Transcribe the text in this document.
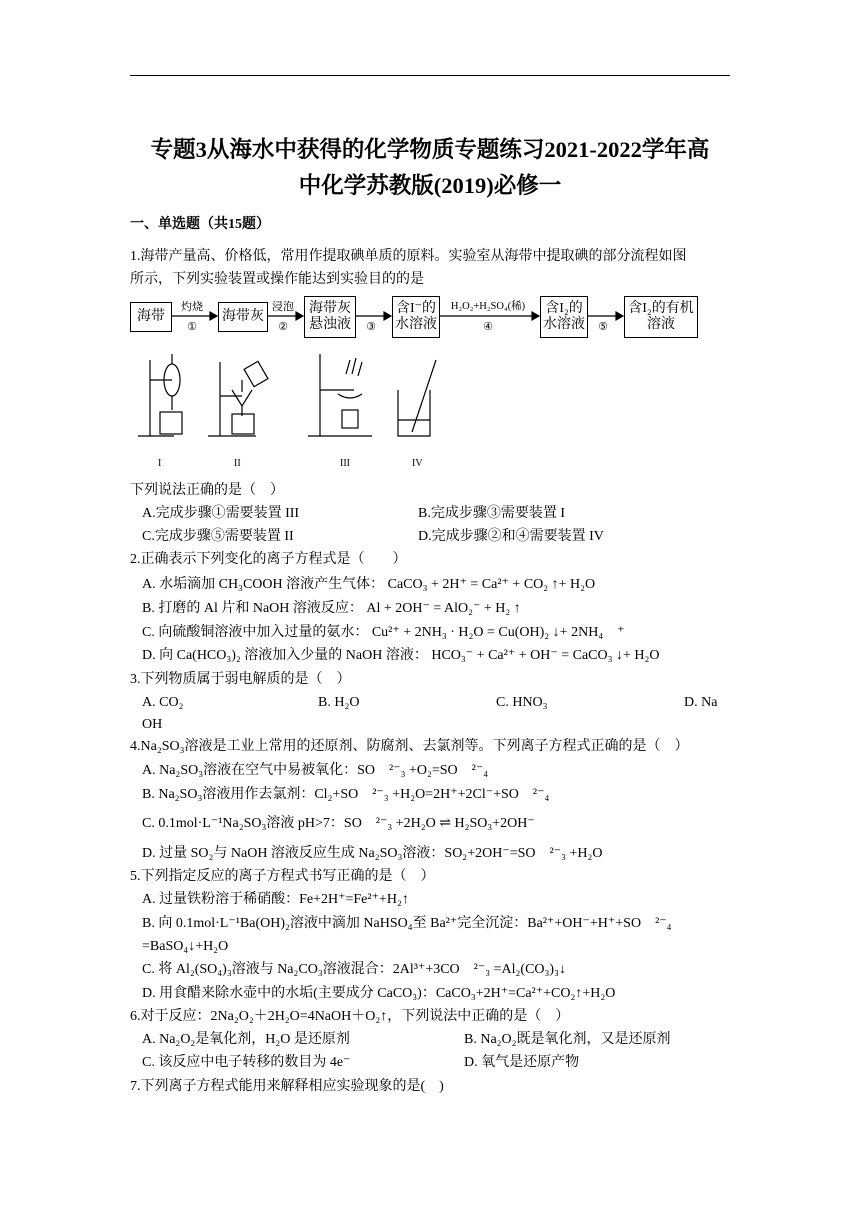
专题3从海水中获得的化学物质专题练习2021-2022学年高
中化学苏教版(2019)必修一
一、单选题（共15题）
1.海带产量高、价格低，常用作提取碘单质的原料。实验室从海带中提取碘的部分流程如图
所示，下列实验装置或操作能达到实验目的的是
海带	海带灰
海带灰悬浊液
含I⁻的水溶液
含I₂的水溶液
含I₂的有机溶液
灼烧
①
浸泡
②	③
H₂O₂+H₂SO₄(稀)
④	⑤
I	II	III	IV
下列说法正确的是（　）
A.完成步骤①需要装置 III	B.完成步骤③需要装置 I
C.完成步骤⑤需要装置 II	D.完成步骤②和④需要装置 IV
2.正确表示下列变化的离子方程式是（　　）
A. 水垢滴加 CH₃COOH 溶液产生气体： CaCO₃ + 2H⁺ = Ca²⁺ + CO₂ ↑+ H₂O
B. 打磨的 Al 片和 NaOH 溶液反应： Al + 2OH⁻ = AlO₂⁻ + H₂ ↑
C. 向硫酸铜溶液中加入过量的氨水： Cu²⁺ + 2NH₃ · H₂O = Cu(OH)₂ ↓+ 2NH₄　⁺
D. 向 Ca(HCO₃)₂ 溶液加入少量的 NaOH 溶液： HCO₃⁻ + Ca²⁺ + OH⁻ = CaCO₃ ↓+ H₂O
3.下列物质属于弱电解质的是（　）
A. CO₂	B. H₂O	C. HNO₃	D. Na
OH
4.Na₂SO₃溶液是工业上常用的还原剂、防腐剂、去氯剂等。下列离子方程式正确的是（　）
A. Na₂SO₃溶液在空气中易被氧化：SO　²⁻₃ +O₂=SO　²⁻₄
B. Na₂SO₃溶液用作去氯剂：Cl₂+SO　²⁻₃ +H₂O=2H⁺+2Cl⁻+SO　²⁻₄
C. 0.1mol·L⁻¹Na₂SO₃溶液 pH>7：SO　²⁻₃ +2H₂O ⇌ H₂SO₃+2OH⁻
D. 过量 SO₂与 NaOH 溶液反应生成 Na₂SO₃溶液：SO₂+2OH⁻=SO　²⁻₃ +H₂O
5.下列指定反应的离子方程式书写正确的是（　）
A. 过量铁粉溶于稀硝酸：Fe+2H⁺=Fe²⁺+H₂↑
B. 向 0.1mol·L⁻¹Ba(OH)₂溶液中滴加 NaHSO₄至 Ba²⁺完全沉淀：Ba²⁺+OH⁻+H⁺+SO　²⁻₄
=BaSO₄↓+H₂O
C. 将 Al₂(SO₄)₃溶液与 Na₂CO₃溶液混合：2Al³⁺+3CO　²⁻₃ =Al₂(CO₃)₃↓
D. 用食醋来除水壶中的水垢(主要成分 CaCO₃)：CaCO₃+2H⁺=Ca²⁺+CO₂↑+H₂O
6.对于反应：2Na₂O₂＋2H₂O=4NaOH＋O₂↑，下列说法中正确的是（　）
A. Na₂O₂是氧化剂，H₂O 是还原剂	B. Na₂O₂既是氧化剂，又是还原剂
C. 该反应中电子转移的数目为 4e⁻	D. 氧气是还原产物
7.下列离子方程式能用来解释相应实验现象的是(　)
